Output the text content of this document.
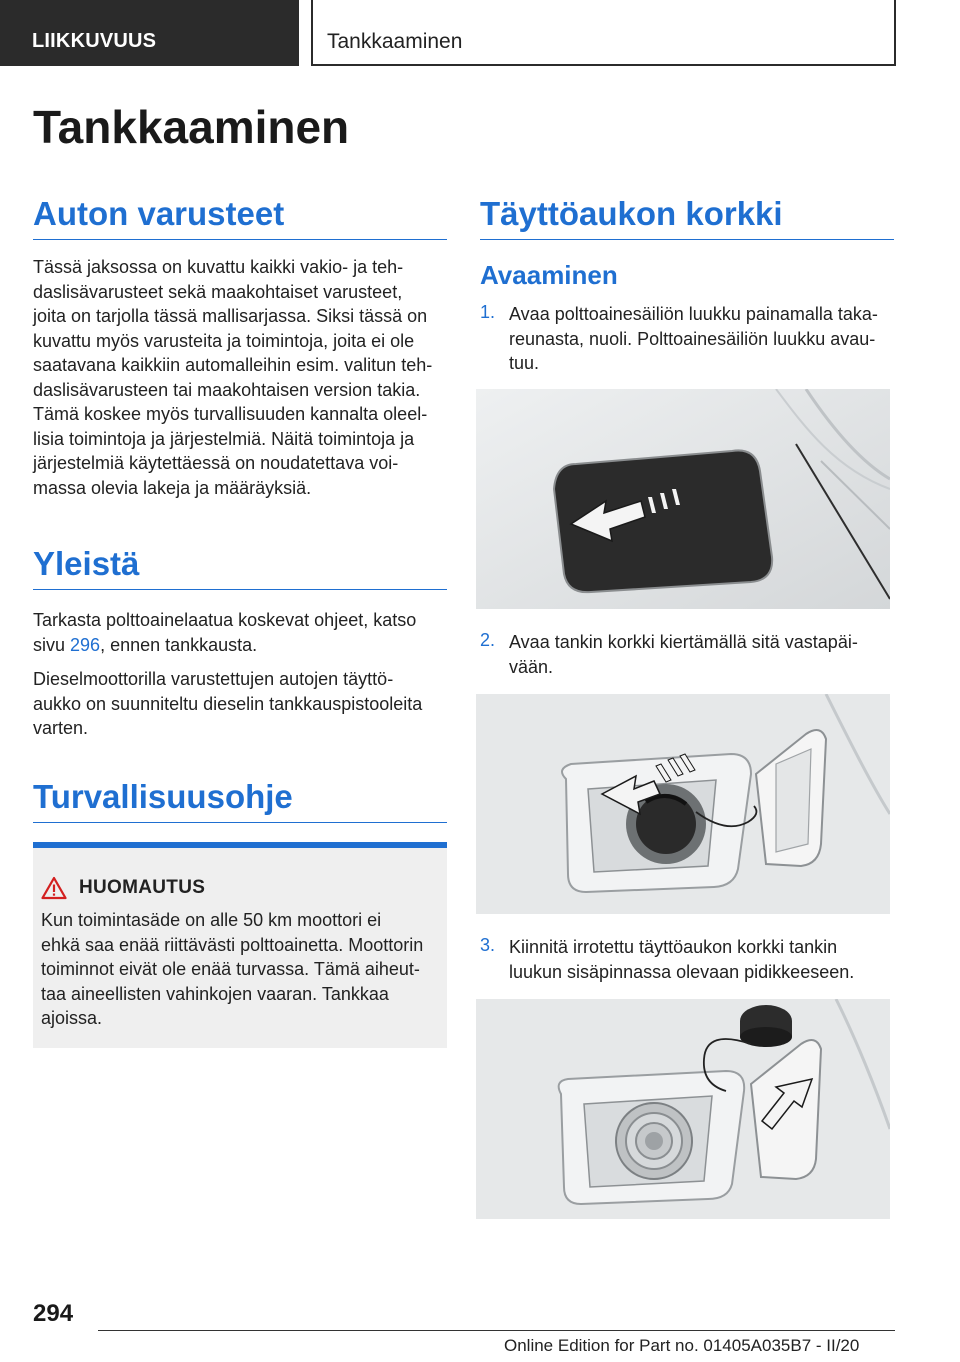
LIIKKUVUUS	Tankkaaminen
Tankkaaminen
Auton varusteet
Tässä jaksossa on kuvattu kaikki vakio- ja teh-
daslisävarusteet sekä maakohtaiset varusteet,
joita on tarjolla tässä mallisarjassa. Siksi tässä on
kuvattu myös varusteita ja toimintoja, joita ei ole
saatavana kaikkiin automalleihin esim. valitun teh-
daslisävarusteen tai maakohtaisen version takia.
Tämä koskee myös turvallisuuden kannalta oleel-
lisia toimintoja ja järjestelmiä. Näitä toimintoja ja
järjestelmiä käytettäessä on noudatettava voi-
massa olevia lakeja ja määräyksiä.
Yleistä
Tarkasta polttoainelaatua koskevat ohjeet, katso
sivu 296, ennen tankkausta.
Dieselmoottorilla varustettujen autojen täyttö-
aukko on suunniteltu dieselin tankkauspistooleita
varten.
Turvallisuusohje
HUOMAUTUS
Kun toimintasäde on alle 50 km moottori ei
ehkä saa enää riittävästi polttoainetta. Moottorin
toiminnot eivät ole enää turvassa. Tämä aiheut-
taa aineellisten vahinkojen vaaran. Tankkaa
ajoissa.
Täyttöaukon korkki
Avaaminen
1. Avaa polttoainesäiliön luukku painamalla taka-
reunasta, nuoli. Polttoainesäiliön luukku avau-
tuu.
2. Avaa tankin korkki kiertämällä sitä vastapäi-
vään.
3. Kiinnitä irrotettu täyttöaukon korkki tankin
luukun sisäpinnassa olevaan pidikkeeseen.
294
Online Edition for Part no. 01405A035B7 - II/20
